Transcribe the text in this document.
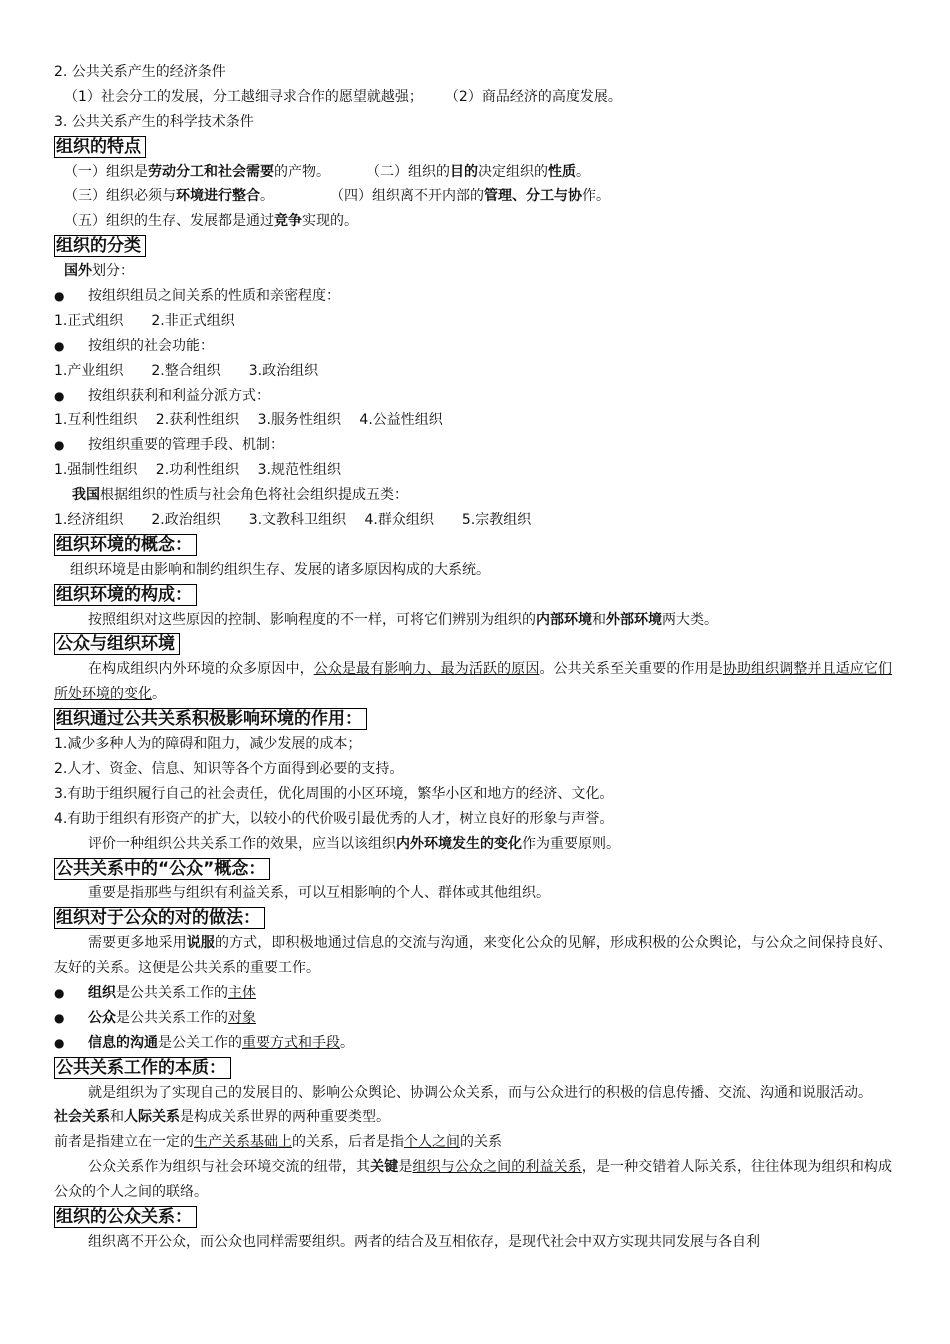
2. 公共关系产生的经济条件
（1）社会分工的发展，分工越细寻求合作的愿望就越强； （2）商品经济的高度发展。
3. 公共关系产生的科学技术条件
组织的特点
（一）组织是劳动分工和社会需要的产物。	（二）组织的目的决定组织的性质。
（三）组织必须与环境进行整合。	（四）组织离不开内部的管理、分工与协作。
（五）组织的生存、发展都是通过竞争实现的。
组织的分类
国外划分：
● 按组织组员之间关系的性质和亲密程度：
1.正式组织　　2.非正式组织
● 按组织的社会功能：
1.产业组织　　2.整合组织　　3.政治组织
● 按组织获利和利益分派方式：
1.互利性组织　 2.获利性组织　 3.服务性组织　 4.公益性组织
● 按组织重要的管理手段、机制：
1.强制性组织　 2.功利性组织　 3.规范性组织
我国根据组织的性质与社会角色将社会组织提成五类：
1.经济组织　　2.政治组织　　3.文教科卫组织　 4.群众组织　　5.宗教组织
组织环境的概念：
组织环境是由影响和制约组织生存、发展的诸多原因构成的大系统。
组织环境的构成：
按照组织对这些原因的控制、影响程度的不一样，可将它们辨别为组织的内部环境和外部环境两大类。
公众与组织环境
在构成组织内外环境的众多原因中，公众是最有影响力、最为活跃的原因。公共关系至关重要的作用是协助组织调整并且适应它们所处环境的变化。
组织通过公共关系积极影响环境的作用：
1.减少多种人为的障碍和阻力，减少发展的成本；
2.人才、资金、信息、知识等各个方面得到必要的支持。
3.有助于组织履行自己的社会责任，优化周围的小区环境，繁华小区和地方的经济、文化。
4.有助于组织有形资产的扩大，以较小的代价吸引最优秀的人才，树立良好的形象与声誉。
评价一种组织公共关系工作的效果，应当以该组织内外环境发生的变化作为重要原则。
公共关系中的“公众”概念：
重要是指那些与组织有利益关系，可以互相影响的个人、群体或其他组织。
组织对于公众的对的做法：
需要更多地采用说服的方式，即积极地通过信息的交流与沟通，来变化公众的见解，形成积极的公众舆论，与公众之间保持良好、友好的关系。这便是公共关系的重要工作。
● 组织是公共关系工作的主体
● 公众是公共关系工作的对象
● 信息的沟通是公关工作的重要方式和手段。
公共关系工作的本质：
就是组织为了实现自己的发展目的、影响公众舆论、协调公众关系，而与公众进行的积极的信息传播、交流、沟通和说服活动。
社会关系和人际关系是构成关系世界的两种重要类型。
前者是指建立在一定的生产关系基础上的关系，后者是指个人之间的关系
公众关系作为组织与社会环境交流的纽带，其关键是组织与公众之间的利益关系，是一种交错着人际关系，往往体现为组织和构成公众的个人之间的联络。
组织的公众关系：
组织离不开公众，而公众也同样需要组织。两者的结合及互相依存，是现代社会中双方实现共同发展与各自利
